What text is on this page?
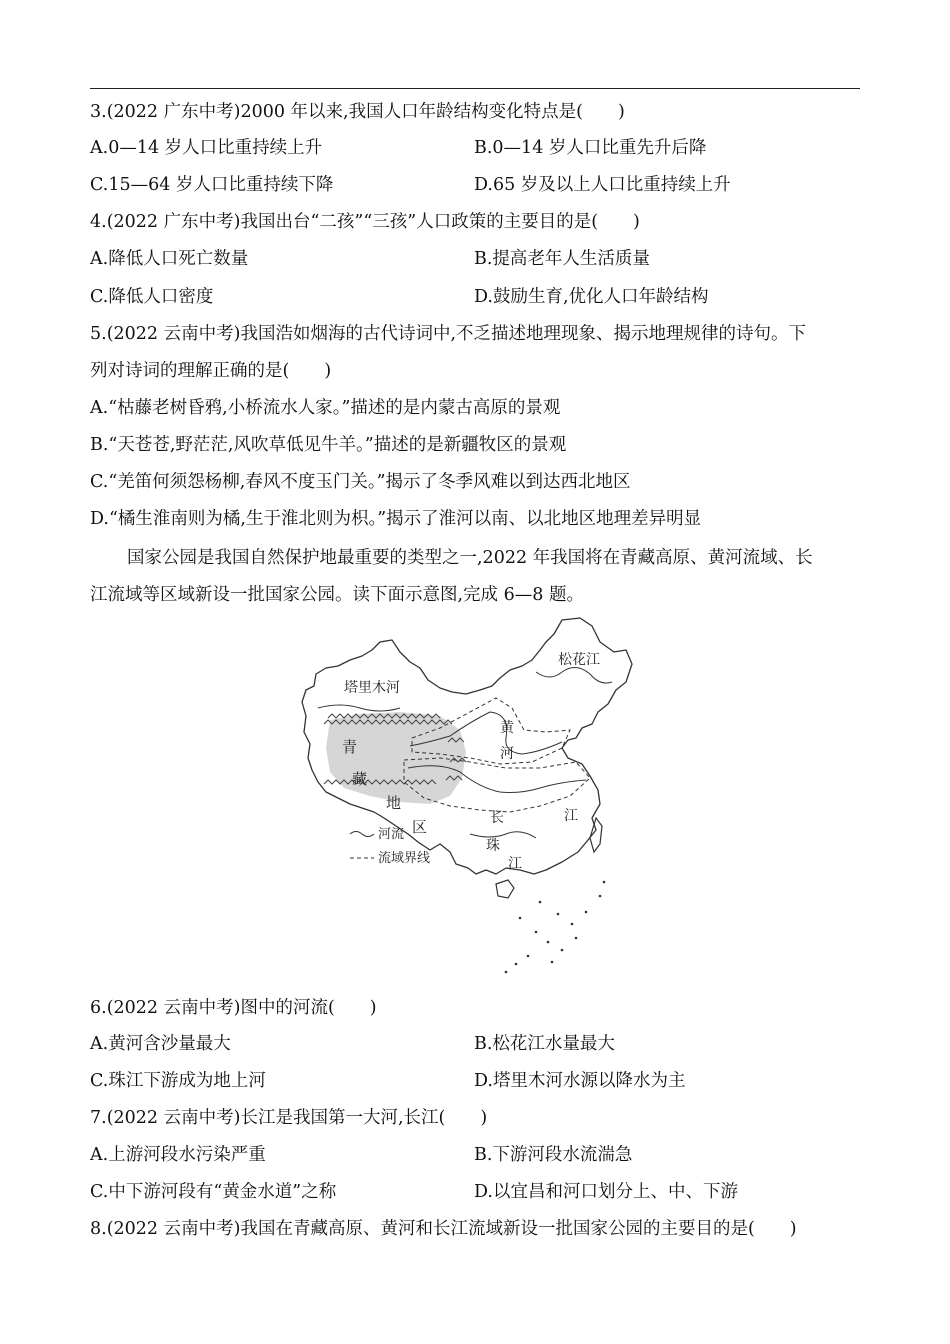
3.(2022 广东中考)2000 年以来,我国人口年龄结构变化特点是(　　)
A.0—14 岁人口比重持续上升	B.0—14 岁人口比重先升后降
C.15—64 岁人口比重持续下降	D.65 岁及以上人口比重持续上升
4.(2022 广东中考)我国出台“二孩”“三孩”人口政策的主要目的是(　　)
A.降低人口死亡数量	B.提高老年人生活质量
C.降低人口密度	D.鼓励生育,优化人口年龄结构
5.(2022 云南中考)我国浩如烟海的古代诗词中,不乏描述地理现象、揭示地理规律的诗句。下
列对诗词的理解正确的是(　　)
A.“枯藤老树昏鸦,小桥流水人家。”描述的是内蒙古高原的景观
B.“天苍苍,野茫茫,风吹草低见牛羊。”描述的是新疆牧区的景观
C.“羌笛何须怨杨柳,春风不度玉门关。”揭示了冬季风难以到达西北地区
D.“橘生淮南则为橘,生于淮北则为枳。”揭示了淮河以南、以北地区地理差异明显
国家公园是我国自然保护地最重要的类型之一,2022 年我国将在青藏高原、黄河流域、长
江流域等区域新设一批国家公园。读下面示意图,完成 6—8 题。
松花江
塔里木河
青
藏
地
区
黄
河
长	江
珠
江
河流
流域界线
6.(2022 云南中考)图中的河流(　　)
A.黄河含沙量最大	B.松花江水量最大
C.珠江下游成为地上河	D.塔里木河水源以降水为主
7.(2022 云南中考)长江是我国第一大河,长江(　　)
A.上游河段水污染严重	B.下游河段水流湍急
C.中下游河段有“黄金水道”之称	D.以宜昌和河口划分上、中、下游
8.(2022 云南中考)我国在青藏高原、黄河和长江流域新设一批国家公园的主要目的是(　　)
